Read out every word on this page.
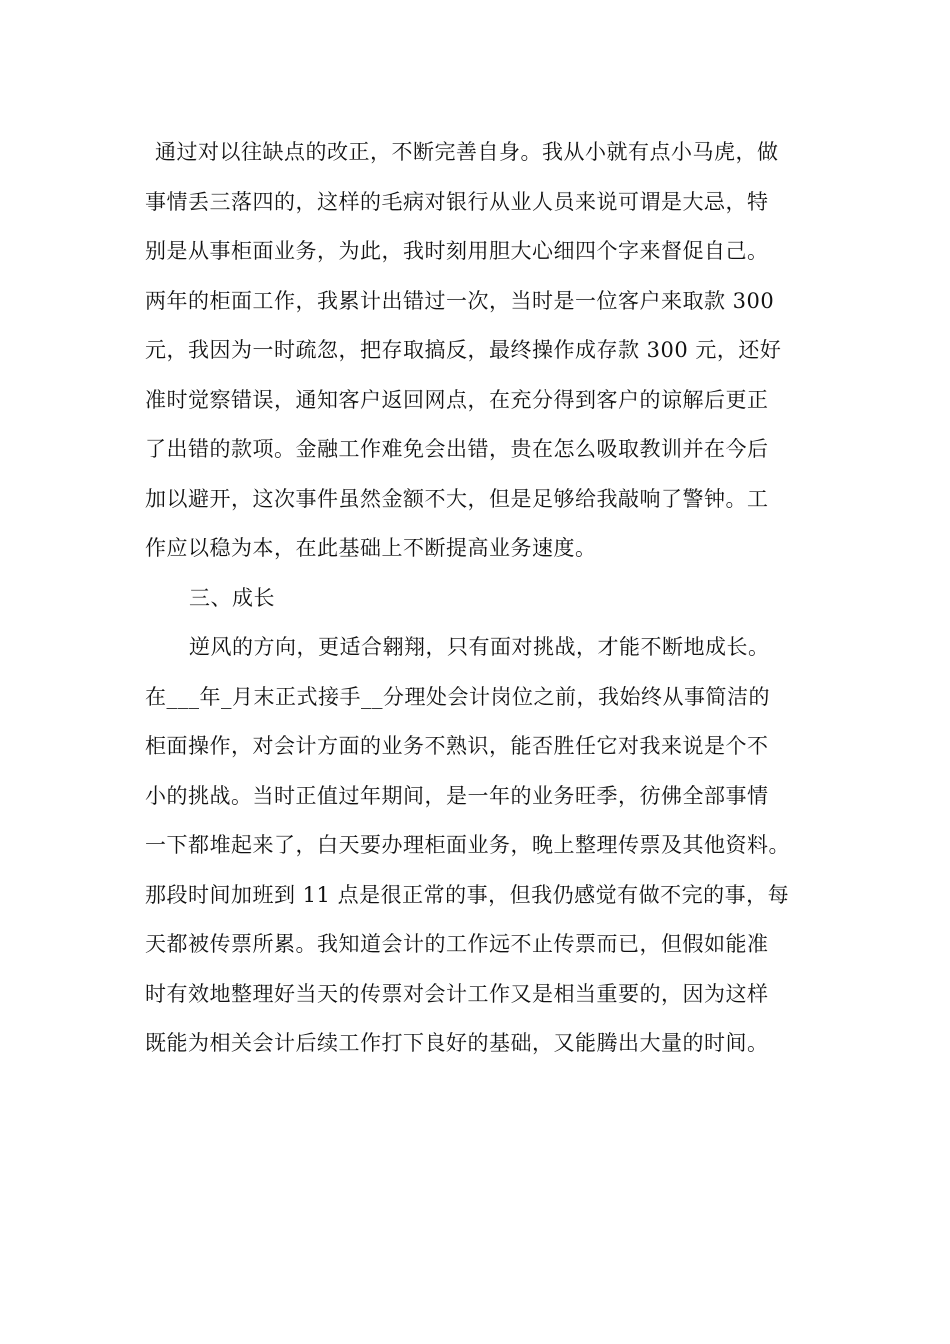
通过对以往缺点的改正，不断完善自身。我从小就有点小马虎，做
事情丢三落四的，这样的毛病对银行从业人员来说可谓是大忌，特
别是从事柜面业务，为此，我时刻用胆大心细四个字来督促自己。
两年的柜面工作，我累计出错过一次，当时是一位客户来取款 300
元，我因为一时疏忽，把存取搞反，最终操作成存款 300 元，还好
准时觉察错误，通知客户返回网点，在充分得到客户的谅解后更正
了出错的款项。金融工作难免会出错，贵在怎么吸取教训并在今后
加以避开，这次事件虽然金额不大，但是足够给我敲响了警钟。工
作应以稳为本，在此基础上不断提高业务速度。
三、成长
逆风的方向，更适合翱翔，只有面对挑战，才能不断地成长。
在___年_月末正式接手__分理处会计岗位之前，我始终从事简洁的
柜面操作，对会计方面的业务不熟识，能否胜任它对我来说是个不
小的挑战。当时正值过年期间，是一年的业务旺季，彷佛全部事情
一下都堆起来了，白天要办理柜面业务，晚上整理传票及其他资料。
那段时间加班到 11 点是很正常的事，但我仍感觉有做不完的事，每
天都被传票所累。我知道会计的工作远不止传票而已，但假如能准
时有效地整理好当天的传票对会计工作又是相当重要的，因为这样
既能为相关会计后续工作打下良好的基础，又能腾出大量的时间。
